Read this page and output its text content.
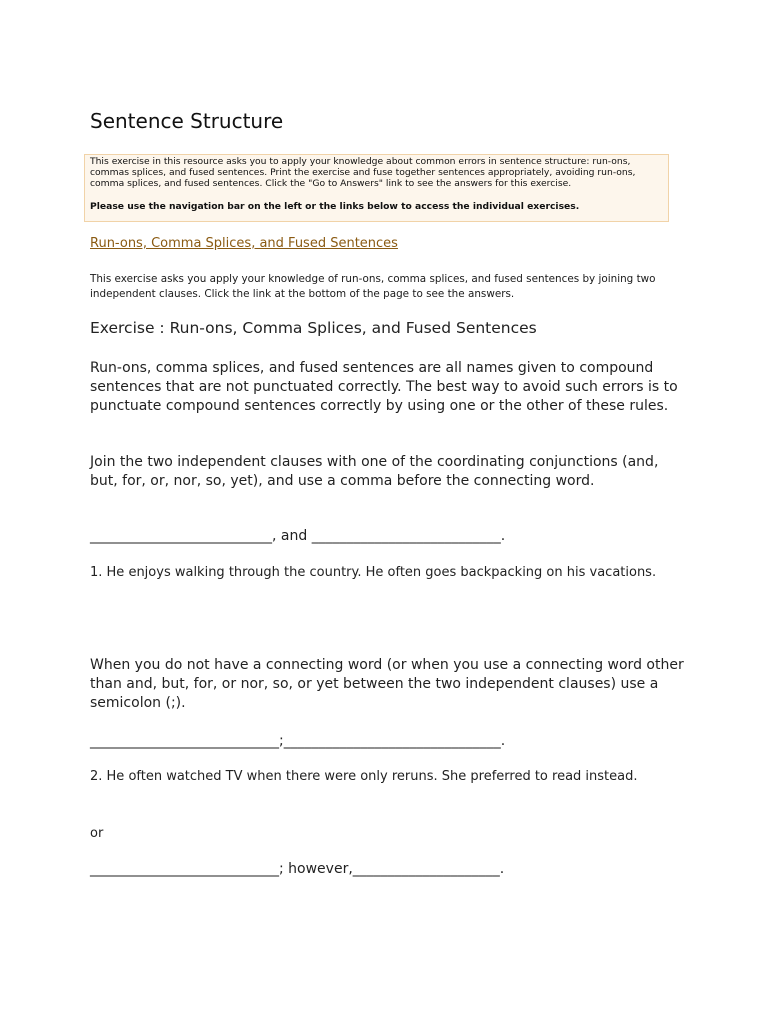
Sentence Structure

This exercise in this resource asks you to apply your knowledge about common errors in sentence structure: run-ons, commas splices, and fused sentences. Print the exercise and fuse together sentences appropriately, avoiding run-ons, comma splices, and fused sentences. Click the "Go to Answers" link to see the answers for this exercise.

Please use the navigation bar on the left or the links below to access the individual exercises.

Run-ons, Comma Splices, and Fused Sentences

This exercise asks you apply your knowledge of run-ons, comma splices, and fused sentences by joining two independent clauses. Click the link at the bottom of the page to see the answers.

Exercise : Run-ons, Comma Splices, and Fused Sentences

Run-ons, comma splices, and fused sentences are all names given to compound sentences that are not punctuated correctly. The best way to avoid such errors is to punctuate compound sentences correctly by using one or the other of these rules.

Join the two independent clauses with one of the coordinating conjunctions (and, but, for, or, nor, so, yet), and use a comma before the connecting word.

__________________________, and ___________________________.

1. He enjoys walking through the country. He often goes backpacking on his vacations.

When you do not have a connecting word (or when you use a connecting word other than and, but, for, or nor, so, or yet between the two independent clauses) use a semicolon (;).

___________________________;_______________________________.

2. He often watched TV when there were only reruns. She preferred to read instead.

or

___________________________; however,_____________________.
